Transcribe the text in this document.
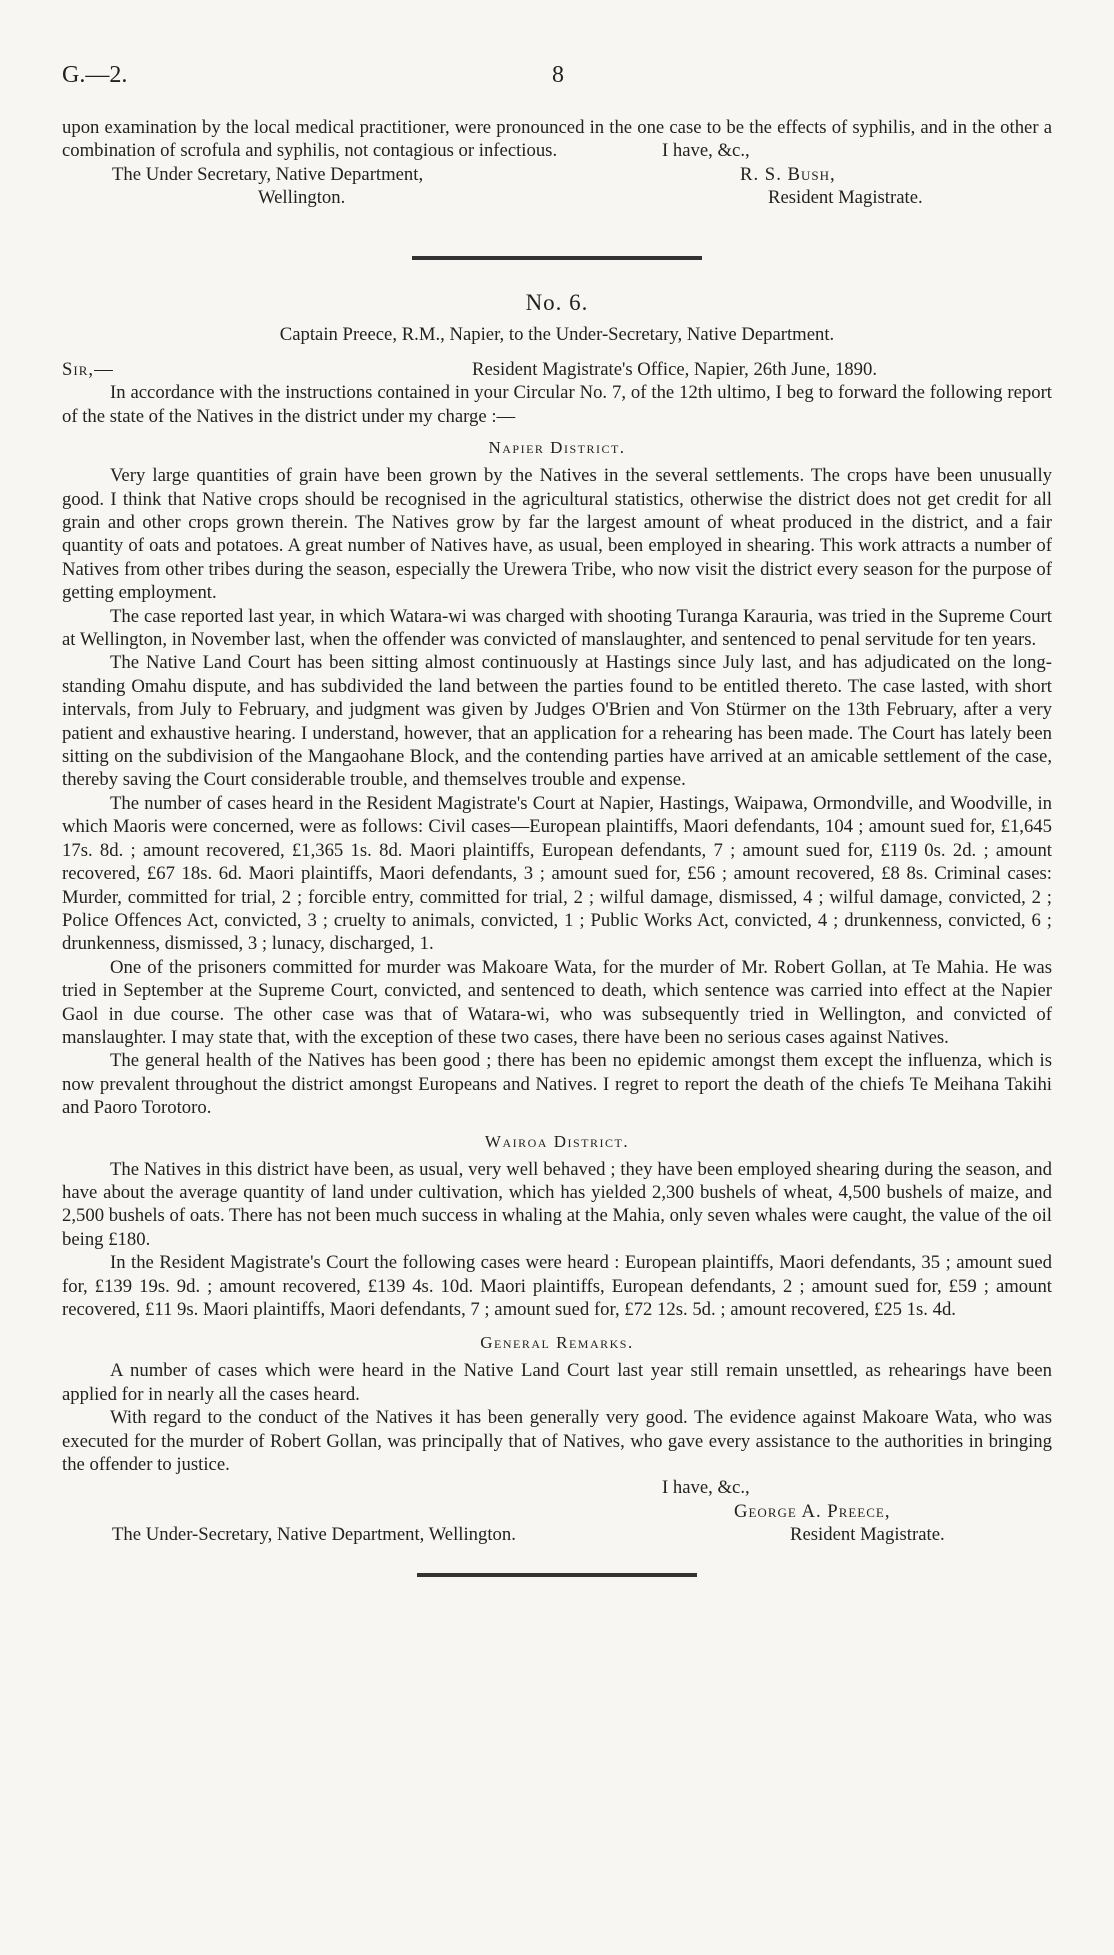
G.—2.	8

upon examination by the local medical practitioner, were pronounced in the one case to be the effects of syphilis, and in the other a combination of scrofula and syphilis, not contagious or infectious.	I have, &c.,
The Under Secretary, Native Department,	R. S. Bush,
Wellington.	Resident Magistrate.
No. 6.
Captain Preece, R.M., Napier, to the Under-Secretary, Native Department.
Sir,—	Resident Magistrate's Office, Napier, 26th June, 1890.

In accordance with the instructions contained in your Circular No. 7, of the 12th ultimo, I beg to forward the following report of the state of the Natives in the district under my charge :—

Napier District.

Very large quantities of grain have been grown by the Natives in the several settlements. The crops have been unusually good. I think that Native crops should be recognised in the agricultural statistics, otherwise the district does not get credit for all grain and other crops grown therein. The Natives grow by far the largest amount of wheat produced in the district, and a fair quantity of oats and potatoes. A great number of Natives have, as usual, been employed in shearing. This work attracts a number of Natives from other tribes during the season, especially the Urewera Tribe, who now visit the district every season for the purpose of getting employment.

The case reported last year, in which Watara-wi was charged with shooting Turanga Karauria, was tried in the Supreme Court at Wellington, in November last, when the offender was convicted of manslaughter, and sentenced to penal servitude for ten years.

The Native Land Court has been sitting almost continuously at Hastings since July last, and has adjudicated on the long-standing Omahu dispute, and has subdivided the land between the parties found to be entitled thereto. The case lasted, with short intervals, from July to February, and judgment was given by Judges O'Brien and Von Stürmer on the 13th February, after a very patient and exhaustive hearing. I understand, however, that an application for a rehearing has been made. The Court has lately been sitting on the subdivision of the Mangaohane Block, and the contending parties have arrived at an amicable settlement of the case, thereby saving the Court considerable trouble, and themselves trouble and expense.

The number of cases heard in the Resident Magistrate's Court at Napier, Hastings, Waipawa, Ormondville, and Woodville, in which Maoris were concerned, were as follows: Civil cases—European plaintiffs, Maori defendants, 104 ; amount sued for, £1,645 17s. 8d. ; amount recovered, £1,365 1s. 8d. Maori plaintiffs, European defendants, 7 ; amount sued for, £119 0s. 2d. ; amount recovered, £67 18s. 6d. Maori plaintiffs, Maori defendants, 3 ; amount sued for, £56 ; amount recovered, £8 8s. Criminal cases: Murder, committed for trial, 2 ; forcible entry, committed for trial, 2 ; wilful damage, dismissed, 4 ; wilful damage, convicted, 2 ; Police Offences Act, convicted, 3 ; cruelty to animals, convicted, 1 ; Public Works Act, convicted, 4 ; drunkenness, convicted, 6 ; drunkenness, dismissed, 3 ; lunacy, discharged, 1.

One of the prisoners committed for murder was Makoare Wata, for the murder of Mr. Robert Gollan, at Te Mahia. He was tried in September at the Supreme Court, convicted, and sentenced to death, which sentence was carried into effect at the Napier Gaol in due course. The other case was that of Watara-wi, who was subsequently tried in Wellington, and convicted of manslaughter. I may state that, with the exception of these two cases, there have been no serious cases against Natives.

The general health of the Natives has been good ; there has been no epidemic amongst them except the influenza, which is now prevalent throughout the district amongst Europeans and Natives. I regret to report the death of the chiefs Te Meihana Takihi and Paoro Torotoro.

Wairoa District.

The Natives in this district have been, as usual, very well behaved ; they have been employed shearing during the season, and have about the average quantity of land under cultivation, which has yielded 2,300 bushels of wheat, 4,500 bushels of maize, and 2,500 bushels of oats. There has not been much success in whaling at the Mahia, only seven whales were caught, the value of the oil being £180.

In the Resident Magistrate's Court the following cases were heard : European plaintiffs, Maori defendants, 35 ; amount sued for, £139 19s. 9d. ; amount recovered, £139 4s. 10d. Maori plaintiffs, European defendants, 2 ; amount sued for, £59 ; amount recovered, £11 9s. Maori plaintiffs, Maori defendants, 7 ; amount sued for, £72 12s. 5d. ; amount recovered, £25 1s. 4d.

General Remarks.

A number of cases which were heard in the Native Land Court last year still remain unsettled, as rehearings have been applied for in nearly all the cases heard.

With regard to the conduct of the Natives it has been generally very good. The evidence against Makoare Wata, who was executed for the murder of Robert Gollan, was principally that of Natives, who gave every assistance to the authorities in bringing the offender to justice.

I have, &c.,
George A. Preece,
The Under-Secretary, Native Department, Wellington.	Resident Magistrate.
